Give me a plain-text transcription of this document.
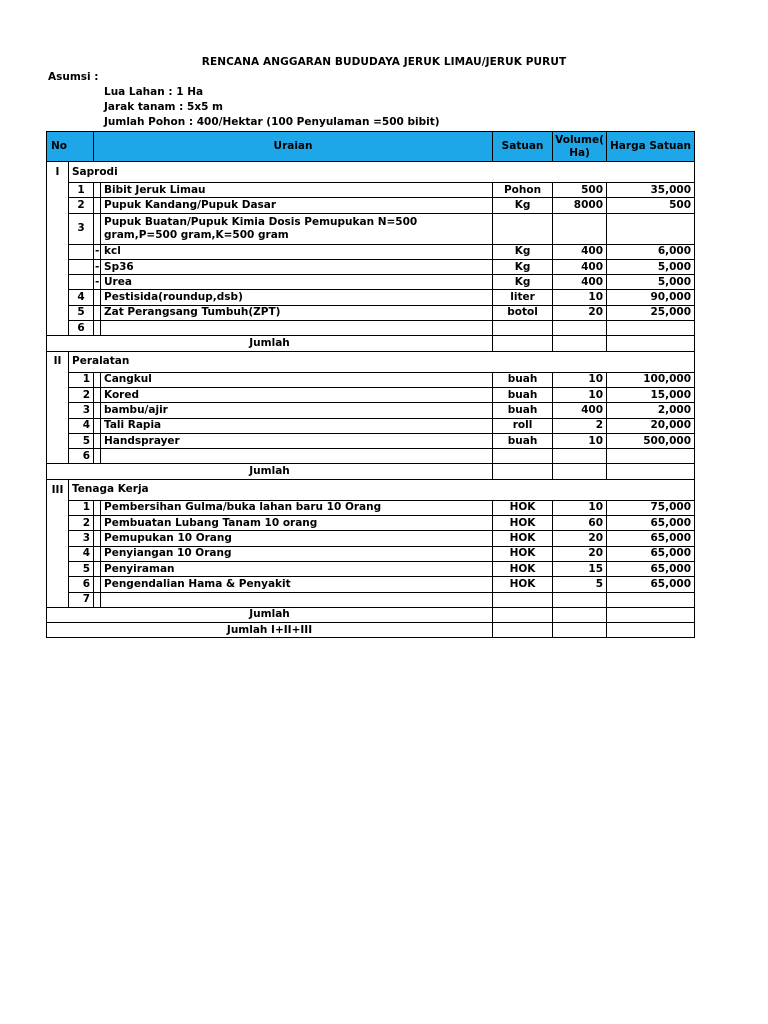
RENCANA ANGGARAN BUDUDAYA JERUK LIMAU/JERUK PURUT
Asumsi :
Lua Lahan : 1 Ha
Jarak tanam : 5x5 m
Jumlah Pohon : 400/Hektar (100 Penyulaman =500 bibit)
No		Uraian		Satuan	Volume( Ha)	Harga Satuan
I	Saprodi					
	1		Bibit Jeruk Limau	Pohon	500	35,000
	2		Pupuk Kandang/Pupuk Dasar	Kg	8000	500
	3		Pupuk Buatan/Pupuk Kimia Dosis Pemupukan N=500 gram,P=500 gram,K=500 gram			
		-	kcl	Kg	400	6,000
		-	Sp36	Kg	400	5,000
		-	Urea	Kg	400	5,000
	4		Pestisida(roundup,dsb)	liter	10	90,000
	5		Zat Perangsang Tumbuh(ZPT)	botol	20	25,000
	6					
Jumlah						
II	Peralatan					
	1		Cangkul	buah	10	100,000
	2		Kored	buah	10	15,000
	3		bambu/ajir	buah	400	2,000
	4		Tali Rapia	roll	2	20,000
	5		Handsprayer	buah	10	500,000
	6					
Jumlah						
III	Tenaga Kerja					
	1		Pembersihan Gulma/buka lahan baru 10 Orang	HOK	10	75,000
	2		Pembuatan Lubang Tanam 10 orang	HOK	60	65,000
	3		Pemupukan 10 Orang	HOK	20	65,000
	4		Penyiangan 10 Orang	HOK	20	65,000
	5		Penyiraman	HOK	15	65,000
	6		Pengendalian Hama & Penyakit	HOK	5	65,000
	7					
Jumlah						
Jumlah I+II+III						
